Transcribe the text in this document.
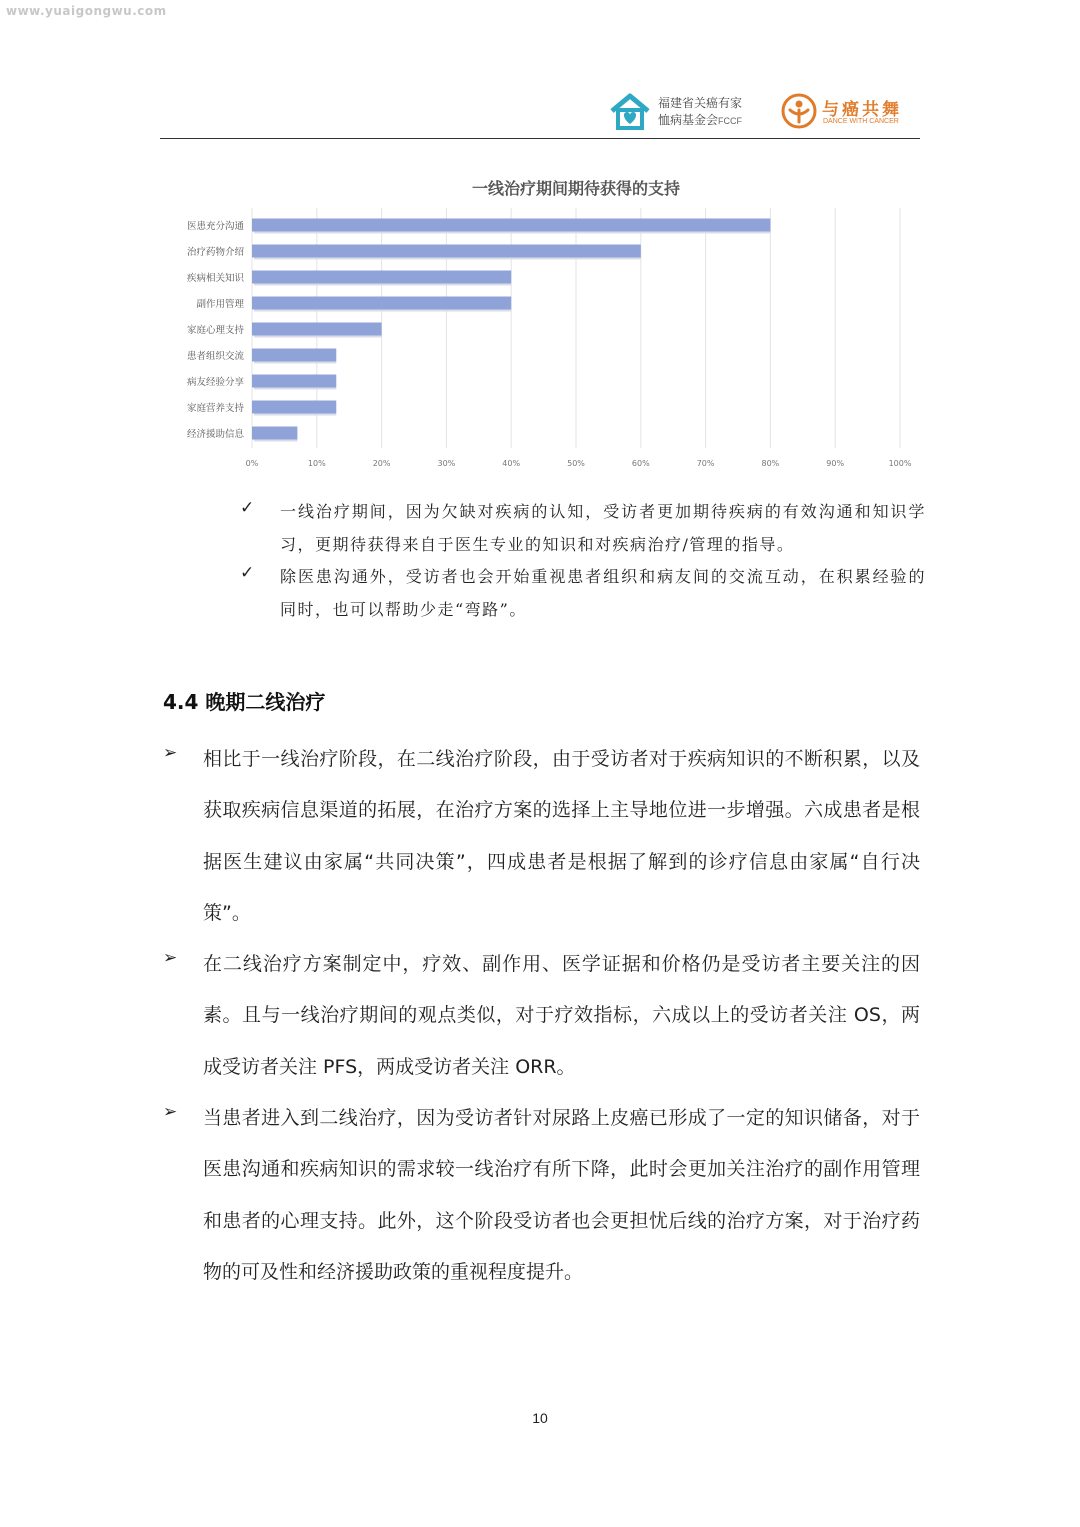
www.yuaigongwu.com
福建省关癌有家
恤病基金会FCCF
与癌共舞
DANCE WITH CANCER
一线治疗期间期待获得的支持
0%	10%	20%	30%	40%	50%	60%	70%	80%	90%	100%
医患充分沟通
治疗药物介绍
疾病相关知识
副作用管理
家庭心理支持
患者组织交流
病友经验分享
家庭营养支持
经济援助信息
✓ 一线治疗期间，因为欠缺对疾病的认知，受访者更加期待疾病的有效沟通和知识学习，更期待获得来自于医生专业的知识和对疾病治疗/管理的指导。
✓ 除医患沟通外，受访者也会开始重视患者组织和病友间的交流互动，在积累经验的同时，也可以帮助少走“弯路”。
4.4 晚期二线治疗
➢ 相比于一线治疗阶段，在二线治疗阶段，由于受访者对于疾病知识的不断积累，以及获取疾病信息渠道的拓展，在治疗方案的选择上主导地位进一步增强。六成患者是根据医生建议由家属“共同决策”，四成患者是根据了解到的诊疗信息由家属“自行决策”。
➢ 在二线治疗方案制定中，疗效、副作用、医学证据和价格仍是受访者主要关注的因素。且与一线治疗期间的观点类似，对于疗效指标，六成以上的受访者关注 OS，两成受访者关注 PFS，两成受访者关注 ORR。
➢ 当患者进入到二线治疗，因为受访者针对尿路上皮癌已形成了一定的知识储备，对于医患沟通和疾病知识的需求较一线治疗有所下降，此时会更加关注治疗的副作用管理和患者的心理支持。此外，这个阶段受访者也会更担忧后线的治疗方案，对于治疗药物的可及性和经济援助政策的重视程度提升。
10
